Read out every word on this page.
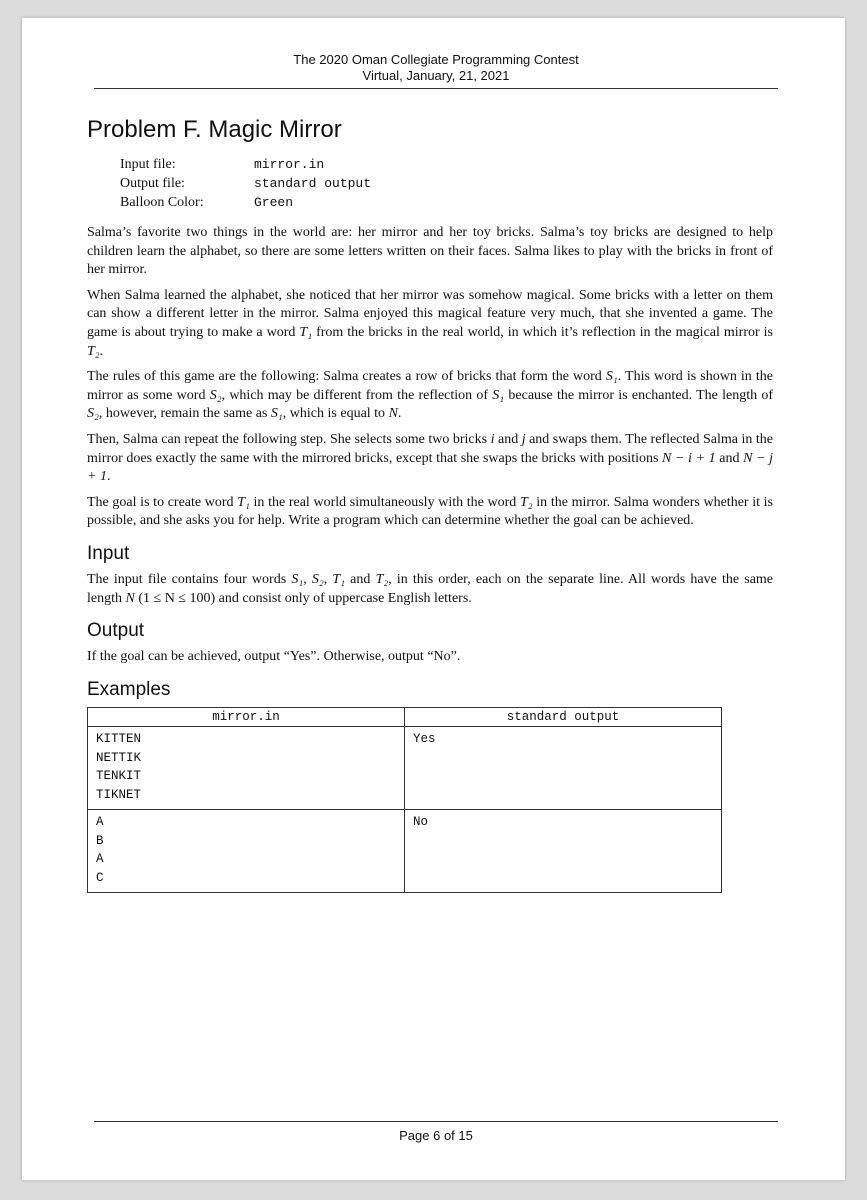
The 2020 Oman Collegiate Programming Contest
Virtual, January, 21, 2021
Problem F. Magic Mirror
Input file:	mirror.in
Output file:	standard output
Balloon Color:	Green

Salma’s favorite two things in the world are: her mirror and her toy bricks. Salma’s toy bricks are designed to help children learn the alphabet, so there are some letters written on their faces. Salma likes to play with the bricks in front of her mirror.

When Salma learned the alphabet, she noticed that her mirror was somehow magical. Some bricks with a letter on them can show a different letter in the mirror. Salma enjoyed this magical feature very much, that she invented a game. The game is about trying to make a word T₁ from the bricks in the real world, in which it’s reflection in the magical mirror is T₂.

The rules of this game are the following: Salma creates a row of bricks that form the word S₁. This word is shown in the mirror as some word S₂, which may be different from the reflection of S₁ because the mirror is enchanted. The length of S₂, however, remain the same as S₁, which is equal to N.

Then, Salma can repeat the following step. She selects some two bricks i and j and swaps them. The reflected Salma in the mirror does exactly the same with the mirrored bricks, except that she swaps the bricks with positions N − i + 1 and N − j + 1.

The goal is to create word T₁ in the real world simultaneously with the word T₂ in the mirror. Salma wonders whether it is possible, and she asks you for help. Write a program which can determine whether the goal can be achieved.

Input

The input file contains four words S₁, S₂, T₁ and T₂, in this order, each on the separate line. All words have the same length N (1 ≤ N ≤ 100) and consist only of uppercase English letters.

Output

If the goal can be achieved, output “Yes”. Otherwise, output “No”.

Examples
mirror.in	standard output

KITTEN
NETTIK
TENKIT
TIKNET	Yes

A
B
A
C	No
Page 6 of 15
